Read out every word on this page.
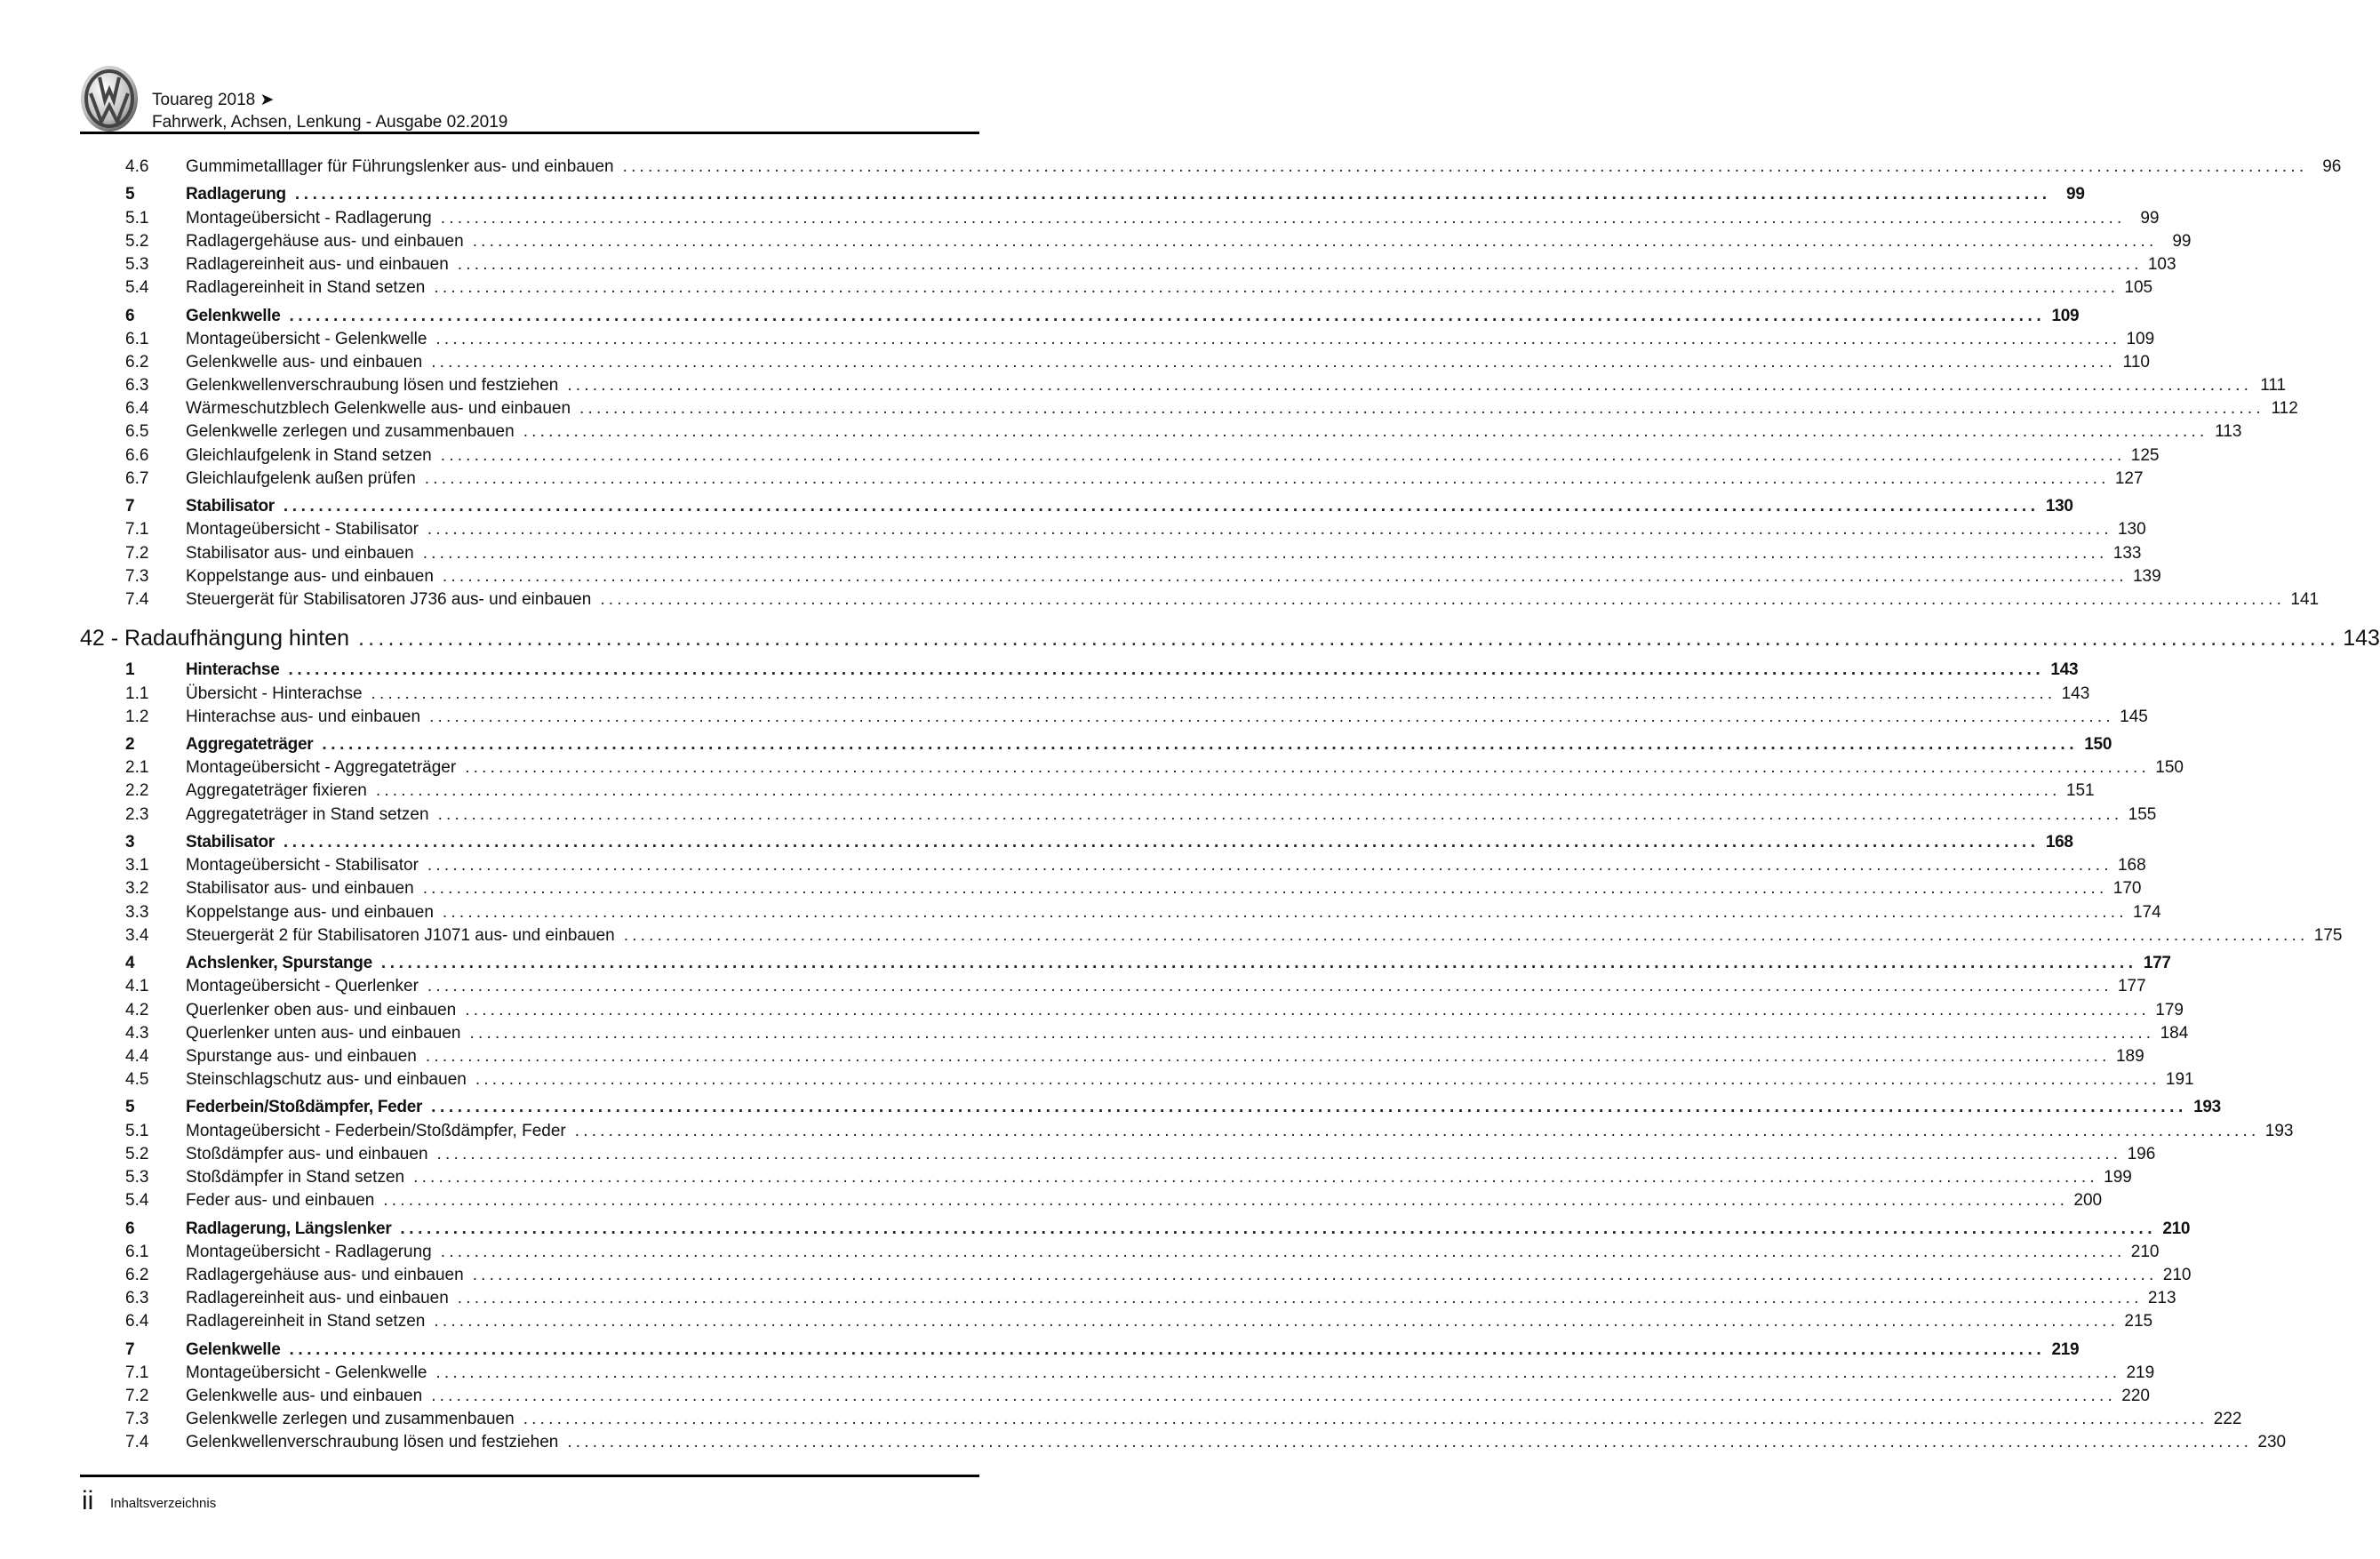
Touareg 2018 ➤
Fahrwerk, Achsen, Lenkung - Ausgabe 02.2019
4.6	Gummimetalllager für Führungslenker aus- und einbauen ........................................................................................................................................................................................................ 96
5	Radlagerung ........................................................................................................................................................................................................ 99
5.1	Montageübersicht - Radlagerung ........................................................................................................................................................................................................ 99
5.2	Radlagergehäuse aus- und einbauen ........................................................................................................................................................................................................ 99
5.3	Radlagereinheit aus- und einbauen ........................................................................................................................................................................................................ 103
5.4	Radlagereinheit in Stand setzen ........................................................................................................................................................................................................ 105
6	Gelenkwelle ........................................................................................................................................................................................................ 109
6.1	Montageübersicht - Gelenkwelle ........................................................................................................................................................................................................ 109
6.2	Gelenkwelle aus- und einbauen ........................................................................................................................................................................................................ 110
6.3	Gelenkwellenverschraubung lösen und festziehen ........................................................................................................................................................................................................ 111
6.4	Wärmeschutzblech Gelenkwelle aus- und einbauen ........................................................................................................................................................................................................ 112
6.5	Gelenkwelle zerlegen und zusammenbauen ........................................................................................................................................................................................................ 113
6.6	Gleichlaufgelenk in Stand setzen ........................................................................................................................................................................................................ 125
6.7	Gleichlaufgelenk außen prüfen ........................................................................................................................................................................................................ 127
7	Stabilisator ........................................................................................................................................................................................................ 130
7.1	Montageübersicht - Stabilisator ........................................................................................................................................................................................................ 130
7.2	Stabilisator aus- und einbauen ........................................................................................................................................................................................................ 133
7.3	Koppelstange aus- und einbauen ........................................................................................................................................................................................................ 139
7.4	Steuergerät für Stabilisatoren J736 aus- und einbauen ........................................................................................................................................................................................................ 141
42 - Radaufhängung hinten ........................................................................................................................................................................................................ 143
1	Hinterachse ........................................................................................................................................................................................................ 143
1.1	Übersicht - Hinterachse ........................................................................................................................................................................................................ 143
1.2	Hinterachse aus- und einbauen ........................................................................................................................................................................................................ 145
2	Aggregateträger ........................................................................................................................................................................................................ 150
2.1	Montageübersicht - Aggregateträger ........................................................................................................................................................................................................ 150
2.2	Aggregateträger fixieren ........................................................................................................................................................................................................ 151
2.3	Aggregateträger in Stand setzen ........................................................................................................................................................................................................ 155
3	Stabilisator ........................................................................................................................................................................................................ 168
3.1	Montageübersicht - Stabilisator ........................................................................................................................................................................................................ 168
3.2	Stabilisator aus- und einbauen ........................................................................................................................................................................................................ 170
3.3	Koppelstange aus- und einbauen ........................................................................................................................................................................................................ 174
3.4	Steuergerät 2 für Stabilisatoren J1071 aus- und einbauen ........................................................................................................................................................................................................ 175
4	Achslenker, Spurstange ........................................................................................................................................................................................................ 177
4.1	Montageübersicht - Querlenker ........................................................................................................................................................................................................ 177
4.2	Querlenker oben aus- und einbauen ........................................................................................................................................................................................................ 179
4.3	Querlenker unten aus- und einbauen ........................................................................................................................................................................................................ 184
4.4	Spurstange aus- und einbauen ........................................................................................................................................................................................................ 189
4.5	Steinschlagschutz aus- und einbauen ........................................................................................................................................................................................................ 191
5	Federbein/Stoßdämpfer, Feder ........................................................................................................................................................................................................ 193
5.1	Montageübersicht - Federbein/Stoßdämpfer, Feder ........................................................................................................................................................................................................ 193
5.2	Stoßdämpfer aus- und einbauen ........................................................................................................................................................................................................ 196
5.3	Stoßdämpfer in Stand setzen ........................................................................................................................................................................................................ 199
5.4	Feder aus- und einbauen ........................................................................................................................................................................................................ 200
6	Radlagerung, Längslenker ........................................................................................................................................................................................................ 210
6.1	Montageübersicht - Radlagerung ........................................................................................................................................................................................................ 210
6.2	Radlagergehäuse aus- und einbauen ........................................................................................................................................................................................................ 210
6.3	Radlagereinheit aus- und einbauen ........................................................................................................................................................................................................ 213
6.4	Radlagereinheit in Stand setzen ........................................................................................................................................................................................................ 215
7	Gelenkwelle ........................................................................................................................................................................................................ 219
7.1	Montageübersicht - Gelenkwelle ........................................................................................................................................................................................................ 219
7.2	Gelenkwelle aus- und einbauen ........................................................................................................................................................................................................ 220
7.3	Gelenkwelle zerlegen und zusammenbauen ........................................................................................................................................................................................................ 222
7.4	Gelenkwellenverschraubung lösen und festziehen ........................................................................................................................................................................................................ 230
ii Inhaltsverzeichnis
